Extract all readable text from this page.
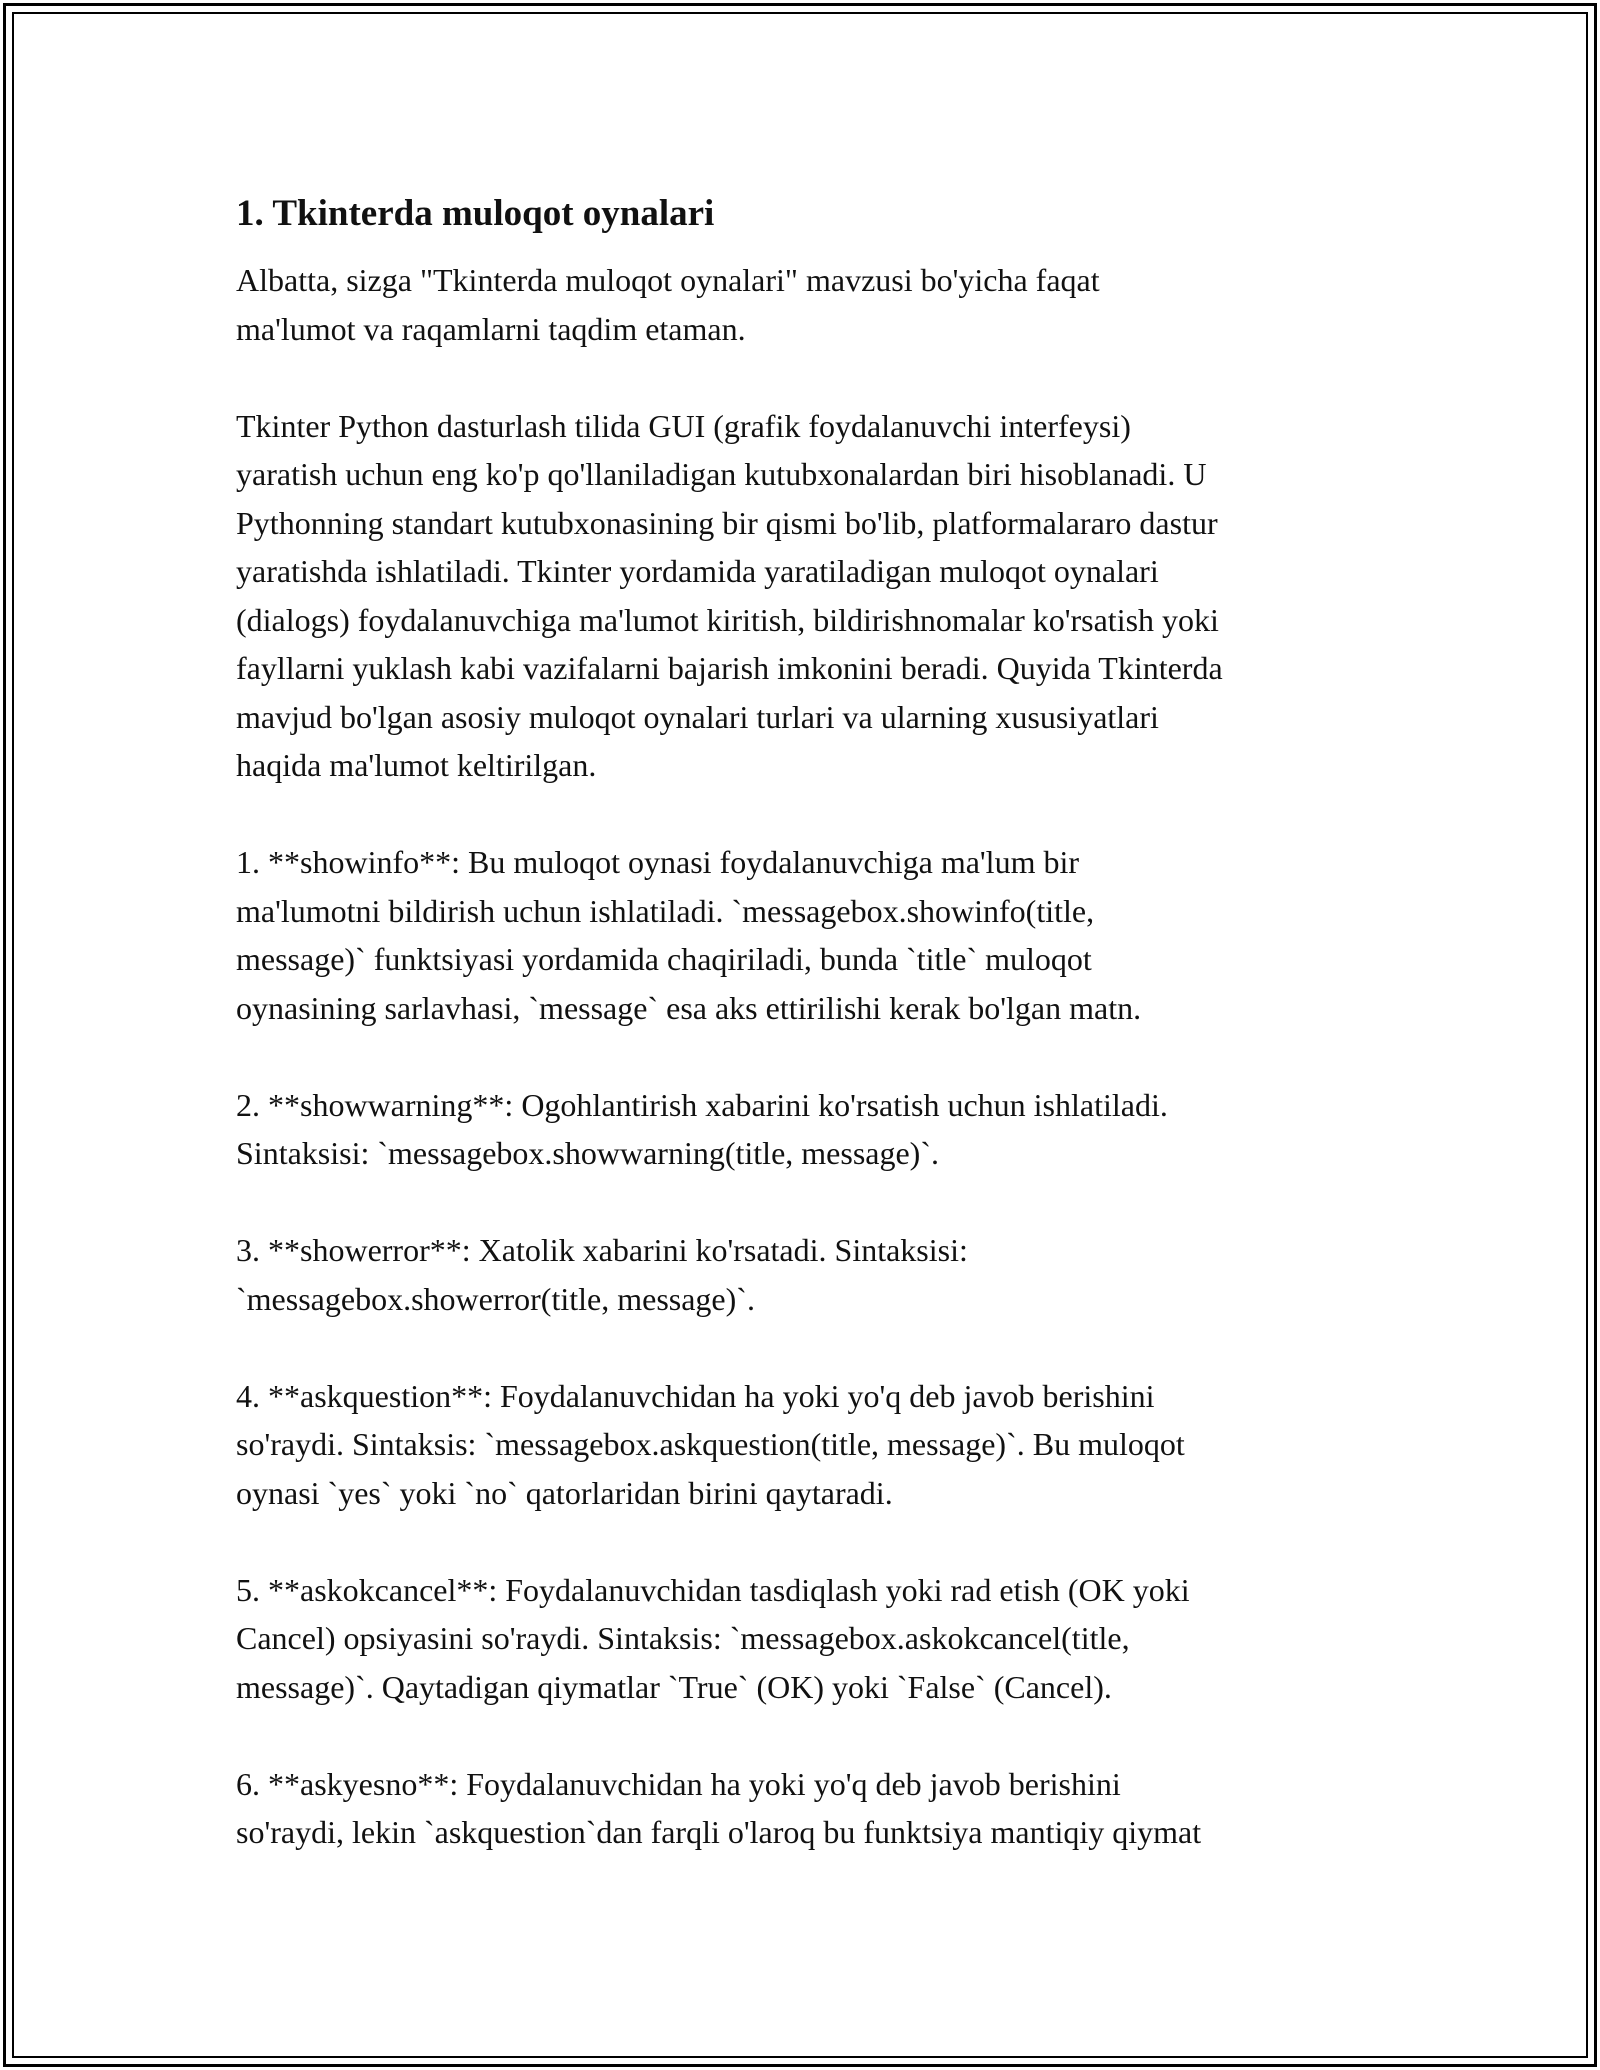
1. Tkinterda muloqot oynalari
Albatta, sizga "Tkinterda muloqot oynalari" mavzusi bo'yicha faqat
ma'lumot va raqamlarni taqdim etaman.
Tkinter Python dasturlash tilida GUI (grafik foydalanuvchi interfeysi)
yaratish uchun eng ko'p qo'llaniladigan kutubxonalardan biri hisoblanadi. U
Pythonning standart kutubxonasining bir qismi bo'lib, platformalararo dastur
yaratishda ishlatiladi. Tkinter yordamida yaratiladigan muloqot oynalari
(dialogs) foydalanuvchiga ma'lumot kiritish, bildirishnomalar ko'rsatish yoki
fayllarni yuklash kabi vazifalarni bajarish imkonini beradi. Quyida Tkinterda
mavjud bo'lgan asosiy muloqot oynalari turlari va ularning xususiyatlari
haqida ma'lumot keltirilgan.
1. **showinfo**: Bu muloqot oynasi foydalanuvchiga ma'lum bir
ma'lumotni bildirish uchun ishlatiladi. `messagebox.showinfo(title,
message)` funktsiyasi yordamida chaqiriladi, bunda `title` muloqot
oynasining sarlavhasi, `message` esa aks ettirilishi kerak bo'lgan matn.
2. **showwarning**: Ogohlantirish xabarini ko'rsatish uchun ishlatiladi.
Sintaksisi: `messagebox.showwarning(title, message)`.
3. **showerror**: Xatolik xabarini ko'rsatadi. Sintaksisi:
`messagebox.showerror(title, message)`.
4. **askquestion**: Foydalanuvchidan ha yoki yo'q deb javob berishini
so'raydi. Sintaksis: `messagebox.askquestion(title, message)`. Bu muloqot
oynasi `yes` yoki `no` qatorlaridan birini qaytaradi.
5. **askokcancel**: Foydalanuvchidan tasdiqlash yoki rad etish (OK yoki
Cancel) opsiyasini so'raydi. Sintaksis: `messagebox.askokcancel(title,
message)`. Qaytadigan qiymatlar `True` (OK) yoki `False` (Cancel).
6. **askyesno**: Foydalanuvchidan ha yoki yo'q deb javob berishini
so'raydi, lekin `askquestion`dan farqli o'laroq bu funktsiya mantiqiy qiymat
